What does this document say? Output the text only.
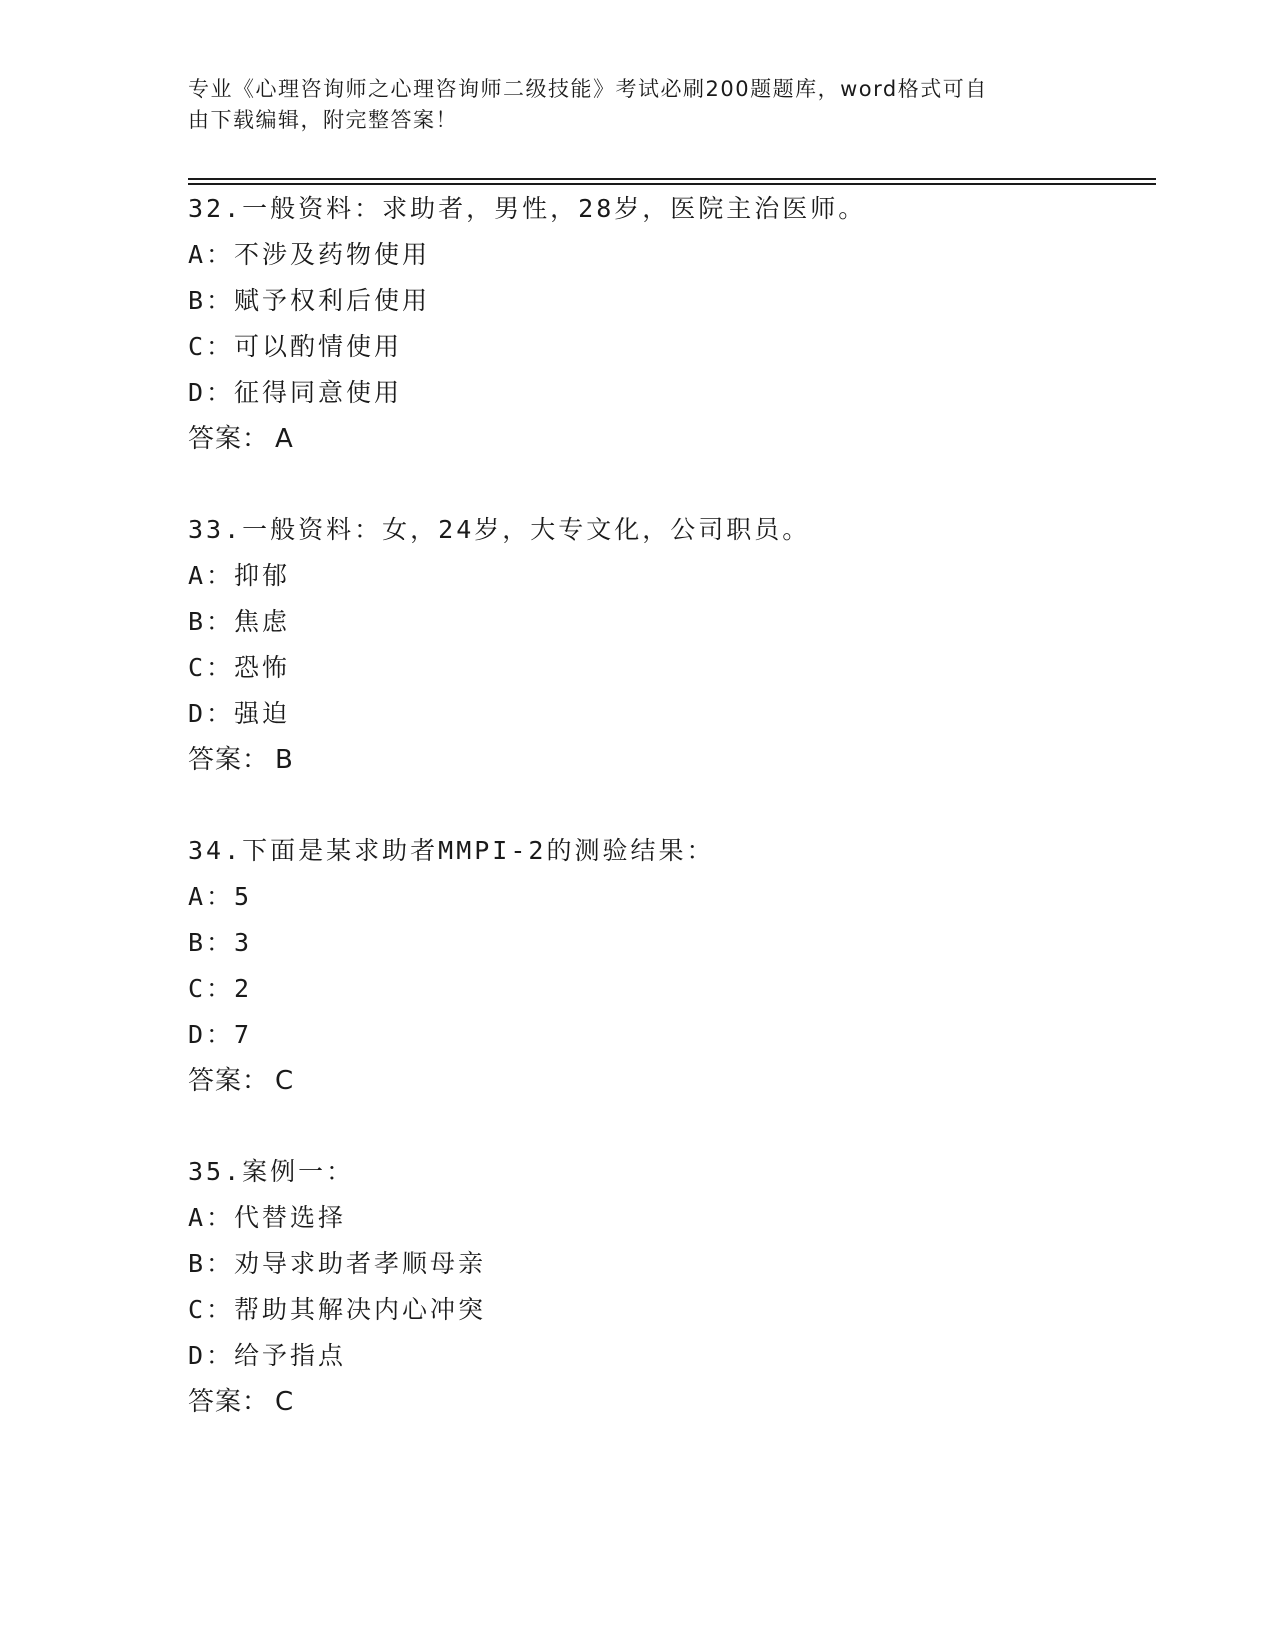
专业《心理咨询师之心理咨询师二级技能》考试必刷200题题库，word格式可自
由下载编辑，附完整答案！
32.一般资料：求助者，男性，28岁，医院主治医师。
A：不涉及药物使用
B：赋予权利后使用
C：可以酌情使用
D：征得同意使用
答案： A
33.一般资料：女，24岁，大专文化，公司职员。
A：抑郁
B：焦虑
C：恐怖
D：强迫
答案： B
34.下面是某求助者MMPI-2的测验结果：
A：5
B：3
C：2
D：7
答案： C
35.案例一：
A：代替选择
B：劝导求助者孝顺母亲
C：帮助其解决内心冲突
D：给予指点
答案： C
